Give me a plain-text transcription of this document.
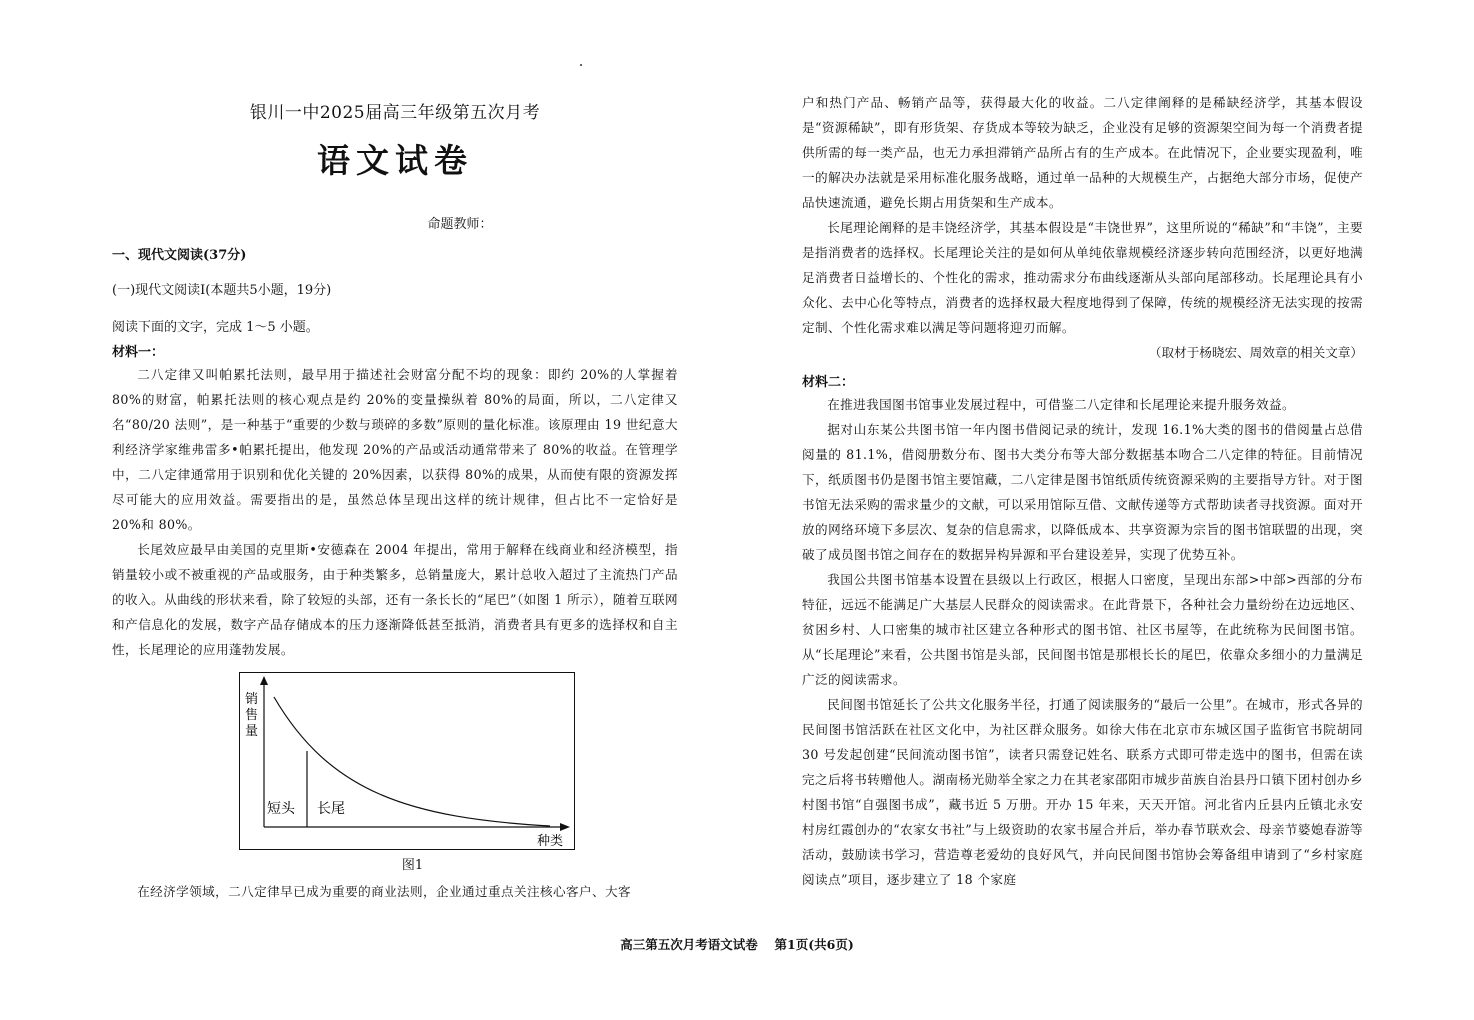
银川一中2025届高三年级第五次月考
语文试卷
命题教师：
一、现代文阅读(37分)
(一)现代文阅读Ⅰ(本题共5小题，19分)
阅读下面的文字，完成 1～5 小题。
材料一：

二八定律又叫帕累托法则，最早用于描述社会财富分配不均的现象：即约 20%的人掌握着 80%的财富，帕累托法则的核心观点是约 20%的变量操纵着 80%的局面，所以，二八定律又名“80/20 法则”，是一种基于“重要的少数与琐碎的多数”原则的量化标准。该原理由 19 世纪意大利经济学家维弗雷多•帕累托提出，他发现 20%的产品或活动通常带来了 80%的收益。在管理学中，二八定律通常用于识别和优化关键的 20%因素，以获得 80%的成果，从而使有限的资源发挥尽可能大的应用效益。需要指出的是，虽然总体呈现出这样的统计规律，但占比不一定恰好是 20%和 80%。

长尾效应最早由美国的克里斯•安德森在 2004 年提出，常用于解释在线商业和经济模型，指销量较小或不被重视的产品或服务，由于种类繁多，总销量庞大，累计总收入超过了主流热门产品的收入。从曲线的形状来看，除了较短的头部，还有一条长长的“尾巴”（如图 1 所示），随着互联网和产信息化的发展，数字产品存储成本的压力逐渐降低甚至抵消，消费者具有更多的选择权和自主性，长尾理论的应用蓬勃发展。

销 售 量
种类
短头 长尾
图1

在经济学领域，二八定律早已成为重要的商业法则，企业通过重点关注核心客户、大客

户和热门产品、畅销产品等，获得最大化的收益。二八定律阐释的是稀缺经济学，其基本假设是“资源稀缺”，即有形货架、存货成本等较为缺乏，企业没有足够的资源架空间为每一个消费者提供所需的每一类产品，也无力承担滞销产品所占有的生产成本。在此情况下，企业要实现盈利，唯一的解决办法就是采用标准化服务战略，通过单一品种的大规模生产，占据绝大部分市场，促使产品快速流通，避免长期占用货架和生产成本。

长尾理论阐释的是丰饶经济学，其基本假设是“丰饶世界”，这里所说的“稀缺”和“丰饶”，主要是指消费者的选择权。长尾理论关注的是如何从单纯依靠规模经济逐步转向范围经济，以更好地满足消费者日益增长的、个性化的需求，推动需求分布曲线逐渐从头部向尾部移动。长尾理论具有小众化、去中心化等特点，消费者的选择权最大程度地得到了保障，传统的规模经济无法实现的按需定制、个性化需求难以满足等问题将迎刃而解。

（取材于杨晓宏、周效章的相关文章）

材料二：

在推进我国图书馆事业发展过程中，可借鉴二八定律和长尾理论来提升服务效益。

据对山东某公共图书馆一年内图书借阅记录的统计，发现 16.1%大类的图书的借阅量占总借阅量的 81.1%，借阅册数分布、图书大类分布等大部分数据基本吻合二八定律的特征。目前情况下，纸质图书仍是图书馆主要馆藏，二八定律是图书馆纸质传统资源采购的主要指导方针。对于图书馆无法采购的需求量少的文献，可以采用馆际互借、文献传递等方式帮助读者寻找资源。面对开放的网络环境下多层次、复杂的信息需求，以降低成本、共享资源为宗旨的图书馆联盟的出现，突破了成员图书馆之间存在的数据异构异源和平台建设差异，实现了优势互补。

我国公共图书馆基本设置在县级以上行政区，根据人口密度，呈现出东部>中部>西部的分布特征，远远不能满足广大基层人民群众的阅读需求。在此背景下，各种社会力量纷纷在边远地区、贫困乡村、人口密集的城市社区建立各种形式的图书馆、社区书屋等，在此统称为民间图书馆。从“长尾理论”来看，公共图书馆是头部，民间图书馆是那根长长的尾巴，依靠众多细小的力量满足广泛的阅读需求。

民间图书馆延长了公共文化服务半径，打通了阅读服务的“最后一公里”。在城市，形式各异的民间图书馆活跃在社区文化中，为社区群众服务。如徐大伟在北京市东城区国子监街官书院胡同 30 号发起创建“民间流动图书馆”，读者只需登记姓名、联系方式即可带走选中的图书，但需在读完之后将书转赠他人。湖南杨光勋举全家之力在其老家邵阳市城步苗族自治县丹口镇下团村创办乡村图书馆“自强图书成”，藏书近 5 万册。开办 15 年来，天天开馆。河北省内丘县内丘镇北永安村房红霞创办的“农家女书社”与上级资助的农家书屋合并后，举办春节联欢会、母亲节婆媳春游等活动，鼓励读书学习，营造尊老爱幼的良好风气，并向民间图书馆协会筹备组申请到了“乡村家庭阅读点”项目，逐步建立了 18 个家庭

高三第五次月考语文试卷　 第1页(共6页)
